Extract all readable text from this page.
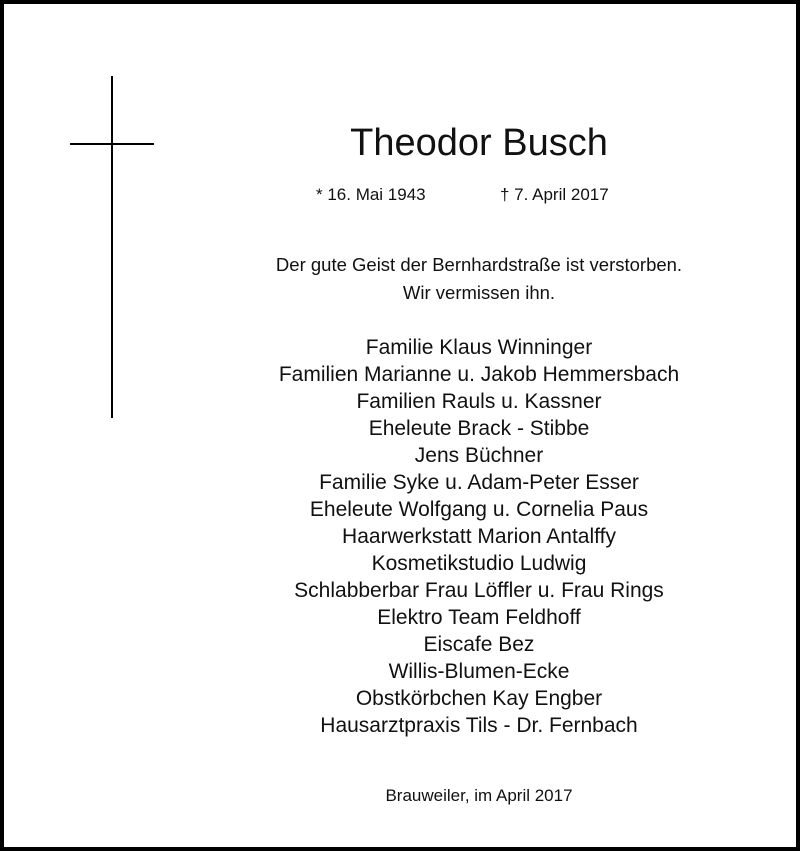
Theodor Busch
* 16. Mai 1943	† 7. April 2017
Der gute Geist der Bernhardstraße ist verstorben.
Wir vermissen ihn.
Familie Klaus Winninger
Familien Marianne u. Jakob Hemmersbach
Familien Rauls u. Kassner
Eheleute Brack - Stibbe
Jens Büchner
Familie Syke u. Adam-Peter Esser
Eheleute Wolfgang u. Cornelia Paus
Haarwerkstatt Marion Antalffy
Kosmetikstudio Ludwig
Schlabberbar Frau Löffler u. Frau Rings
Elektro Team Feldhoff
Eiscafe Bez
Willis-Blumen-Ecke
Obstkörbchen Kay Engber
Hausarztpraxis Tils - Dr. Fernbach
Brauweiler, im April 2017
